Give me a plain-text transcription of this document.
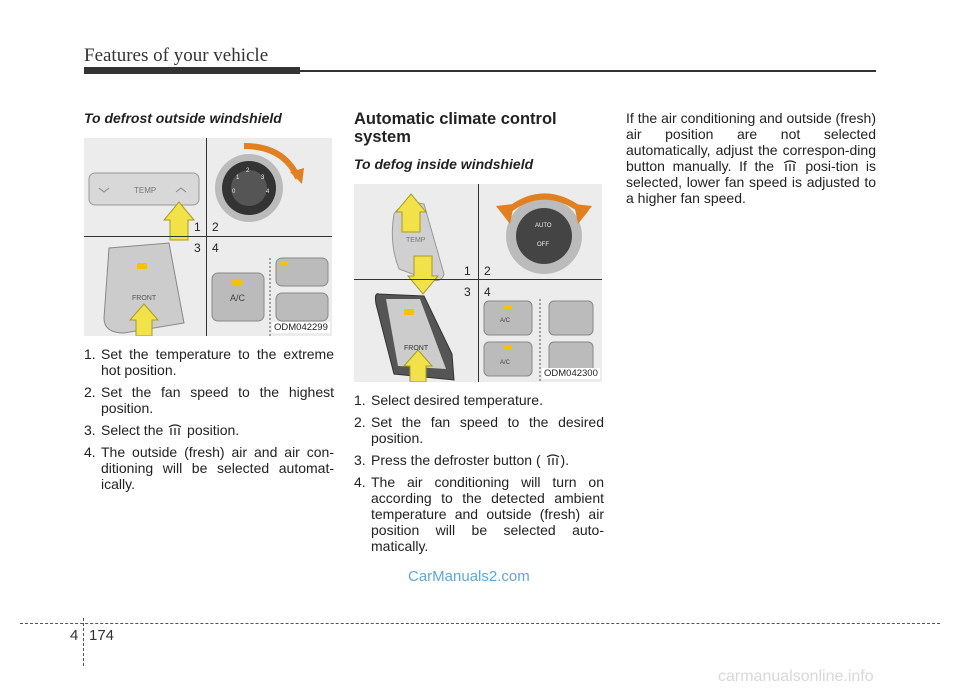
Features of your vehicle

To defrost outside windshield

TEMP
2
3
4
0
1
1 2
3 4
FRONT	A/C
ODM042299
1. Set the temperature to the extreme hot position.
2. Set the fan speed to the highest position.
3. Select the position.
4. The outside (fresh) air and air con-ditioning will be selected automat-ically.

Automatic climate control system

To defog inside windshield

TEMP
AUTO
OFF
1 2
3 4
FRONT
A/C
A/C
ODM042300
1. Select desired temperature.
2. Set the fan speed to the desired position.
3. Press the defroster button ( ).
4. The air conditioning will turn on according to the detected ambient temperature and outside (fresh) air position will be selected auto-matically.

If the air conditioning and outside (fresh) air position are not selected automatically, adjust the correspon-ding button manually. If the posi-tion is selected, lower fan speed is adjusted to a higher fan speed.

CarManuals2.com
4 174
carmanualsonline.info
